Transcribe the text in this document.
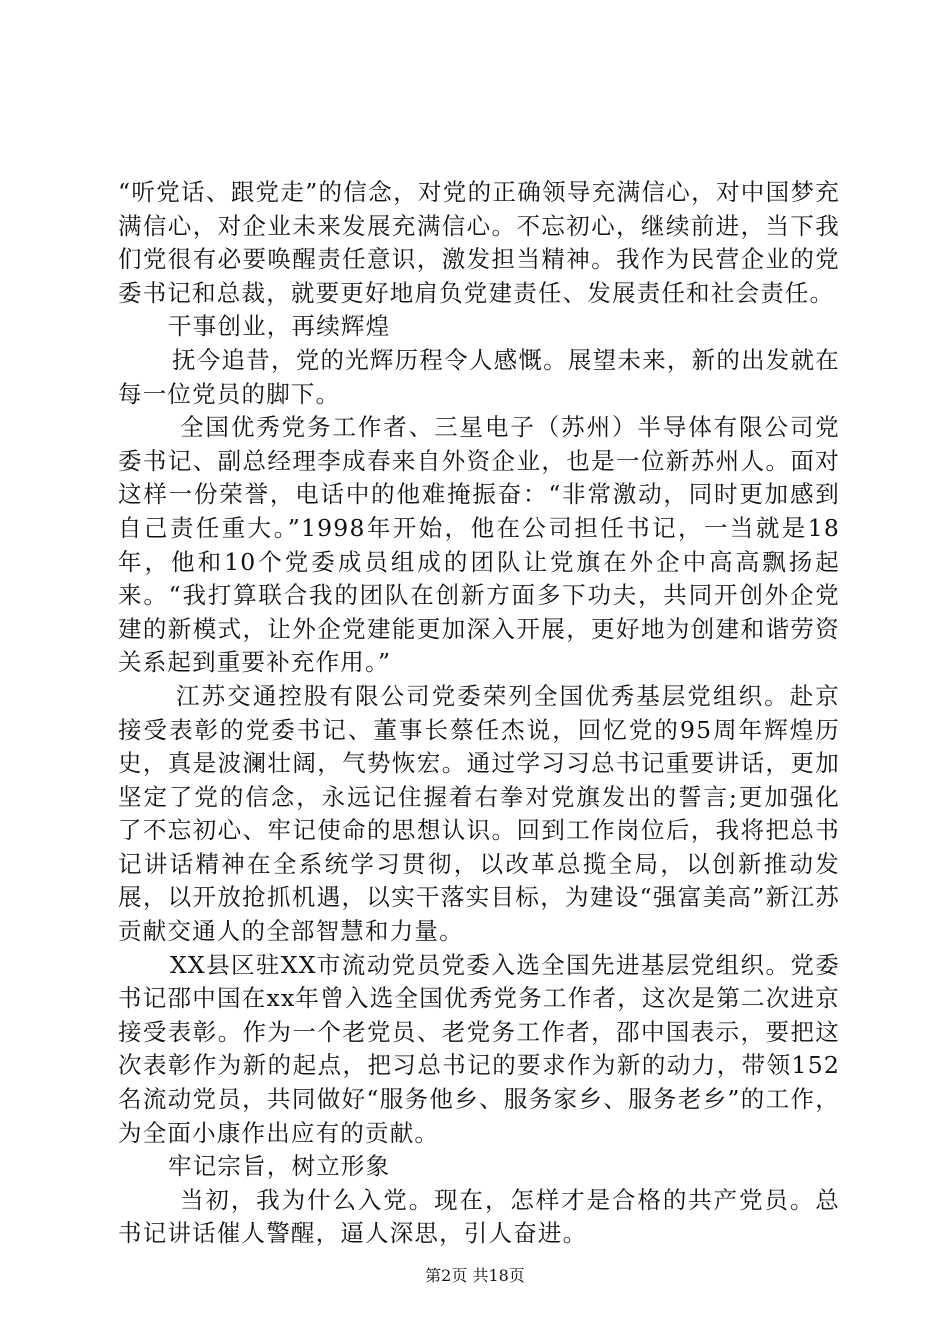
“听党话、跟党走”的信念，对党的正确领导充满信心，对中国梦充满信心，对企业未来发展充满信心。不忘初心，继续前进，当下我们党很有必要唤醒责任意识，激发担当精神。我作为民营企业的党委书记和总裁，就要更好地肩负党建责任、发展责任和社会责任。

干事创业，再续辉煌

抚今追昔，党的光辉历程令人感慨。展望未来，新的出发就在每一位党员的脚下。

全国优秀党务工作者、三星电子（苏州）半导体有限公司党委书记、副总经理李成春来自外资企业，也是一位新苏州人。面对这样一份荣誉，电话中的他难掩振奋：“非常激动，同时更加感到自己责任重大。”1998年开始，他在公司担任书记，一当就是18年，他和10个党委成员组成的团队让党旗在外企中高高飘扬起来。“我打算联合我的团队在创新方面多下功夫，共同开创外企党建的新模式，让外企党建能更加深入开展，更好地为创建和谐劳资关系起到重要补充作用。”

江苏交通控股有限公司党委荣列全国优秀基层党组织。赴京接受表彰的党委书记、董事长蔡任杰说，回忆党的95周年辉煌历史，真是波澜壮阔，气势恢宏。通过学习习总书记重要讲话，更加坚定了党的信念，永远记住握着右拳对党旗发出的誓言;更加强化了不忘初心、牢记使命的思想认识。回到工作岗位后，我将把总书记讲话精神在全系统学习贯彻，以改革总揽全局，以创新推动发展，以开放抢抓机遇，以实干落实目标，为建设“强富美高”新江苏贡献交通人的全部智慧和力量。

XX县区驻XX市流动党员党委入选全国先进基层党组织。党委书记邵中国在xx年曾入选全国优秀党务工作者，这次是第二次进京接受表彰。作为一个老党员、老党务工作者，邵中国表示，要把这次表彰作为新的起点，把习总书记的要求作为新的动力，带领152名流动党员，共同做好“服务他乡、服务家乡、服务老乡”的工作，为全面小康作出应有的贡献。

牢记宗旨，树立形象

当初，我为什么入党。现在，怎样才是合格的共产党员。总书记讲话催人警醒，逼人深思，引人奋进。

第2页 共18页
